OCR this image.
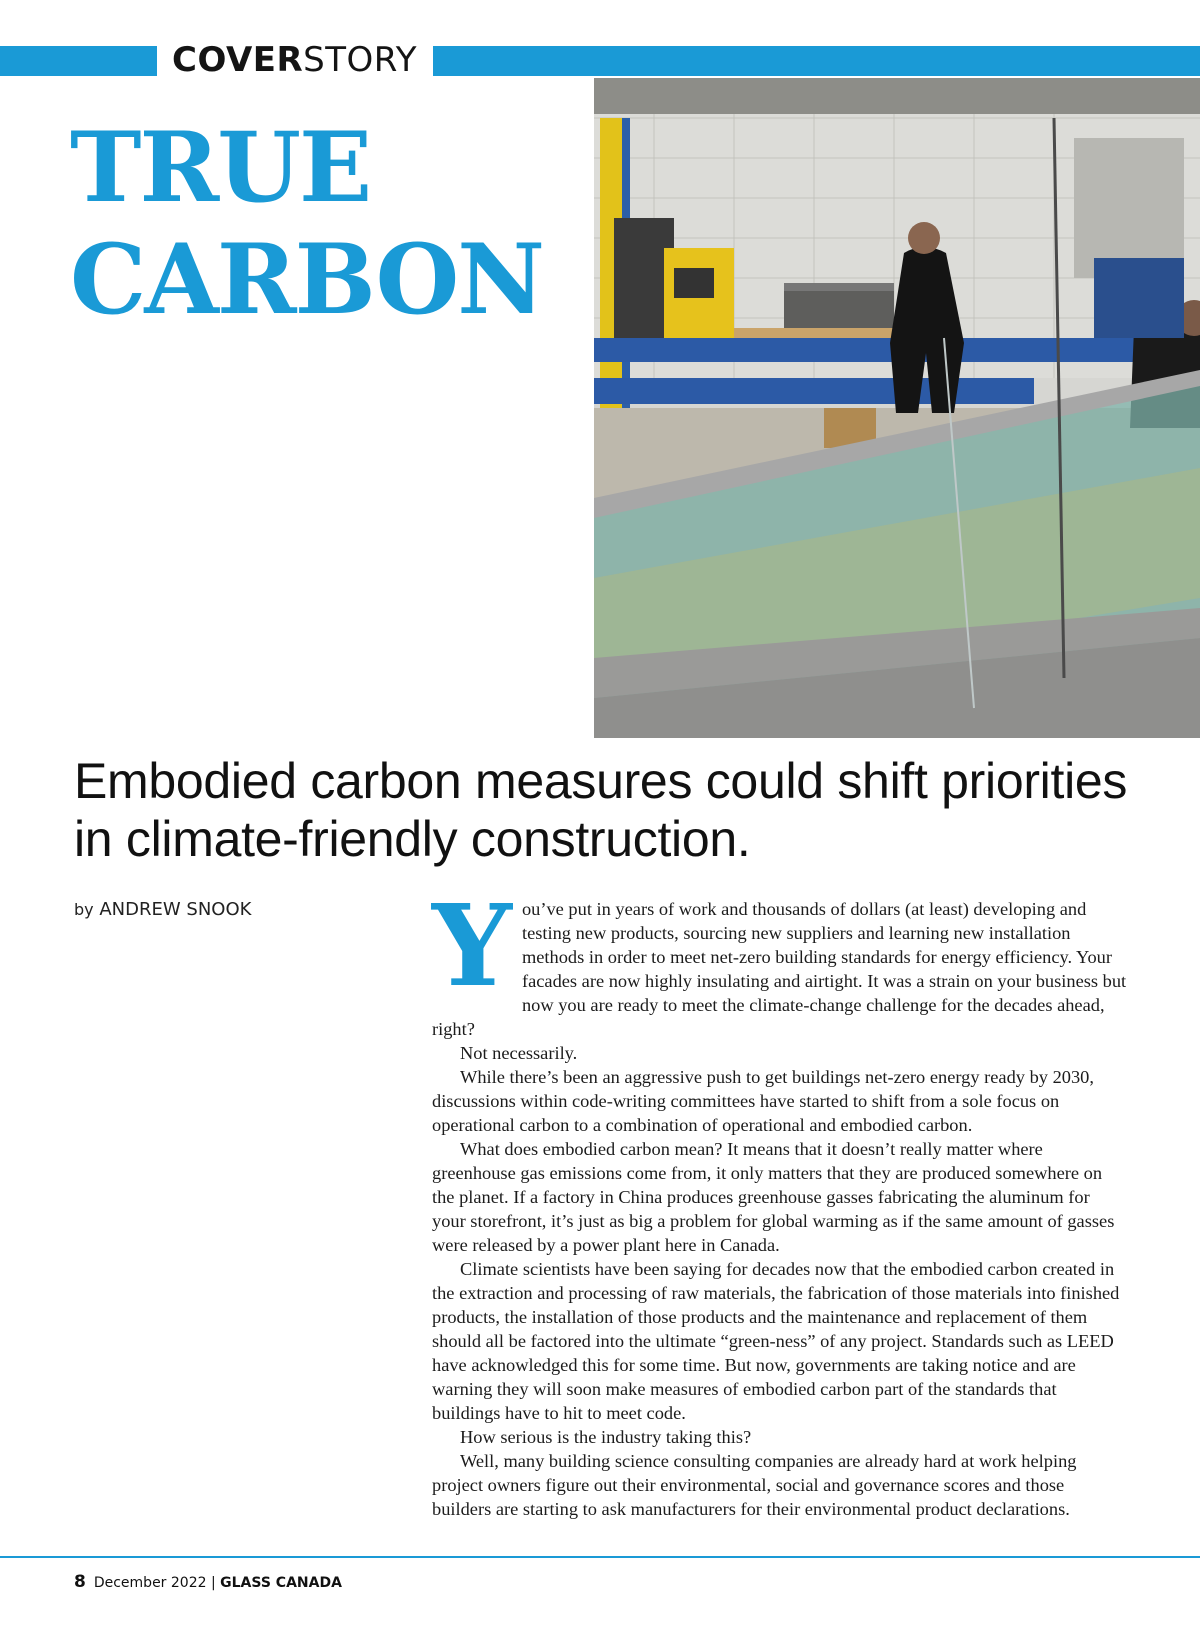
COVERSTORY
TRUE
CARBON
Embodied carbon measures could shift priorities in climate-friendly construction.
by ANDREW SNOOK You’ve put in years of work and thousands of dollars (at least) developing and testing new products, sourcing new suppliers and learning new installation methods in order to meet net-zero building standards for energy efficiency. Your facades are now highly insulating and airtight. It was a strain on your business but now you are ready to meet the climate-change challenge for the decades ahead, right?

Not necessarily.

While there’s been an aggressive push to get buildings net-zero energy ready by 2030, discussions within code-writing committees have started to shift from a sole focus on operational carbon to a combination of operational and embodied carbon.

What does embodied carbon mean? It means that it doesn’t really matter where greenhouse gas emissions come from, it only matters that they are produced somewhere on the planet. If a factory in China produces greenhouse gasses fabricating the aluminum for your storefront, it’s just as big a problem for global warming as if the same amount of gasses were released by a power plant here in Canada.

Climate scientists have been saying for decades now that the embodied carbon created in the extraction and processing of raw materials, the fabrication of those materials into finished products, the installation of those products and the maintenance and replacement of them should all be factored into the ultimate “green-ness” of any project. Standards such as LEED have acknowledged this for some time. But now, governments are taking notice and are warning they will soon make measures of embodied carbon part of the standards that buildings have to hit to meet code.

How serious is the industry taking this?

Well, many building science consulting companies are already hard at work helping project owners figure out their environmental, social and governance scores and those builders are starting to ask manufacturers for their environmental product declarations.

8 December 2022 | GLASS CANADA
